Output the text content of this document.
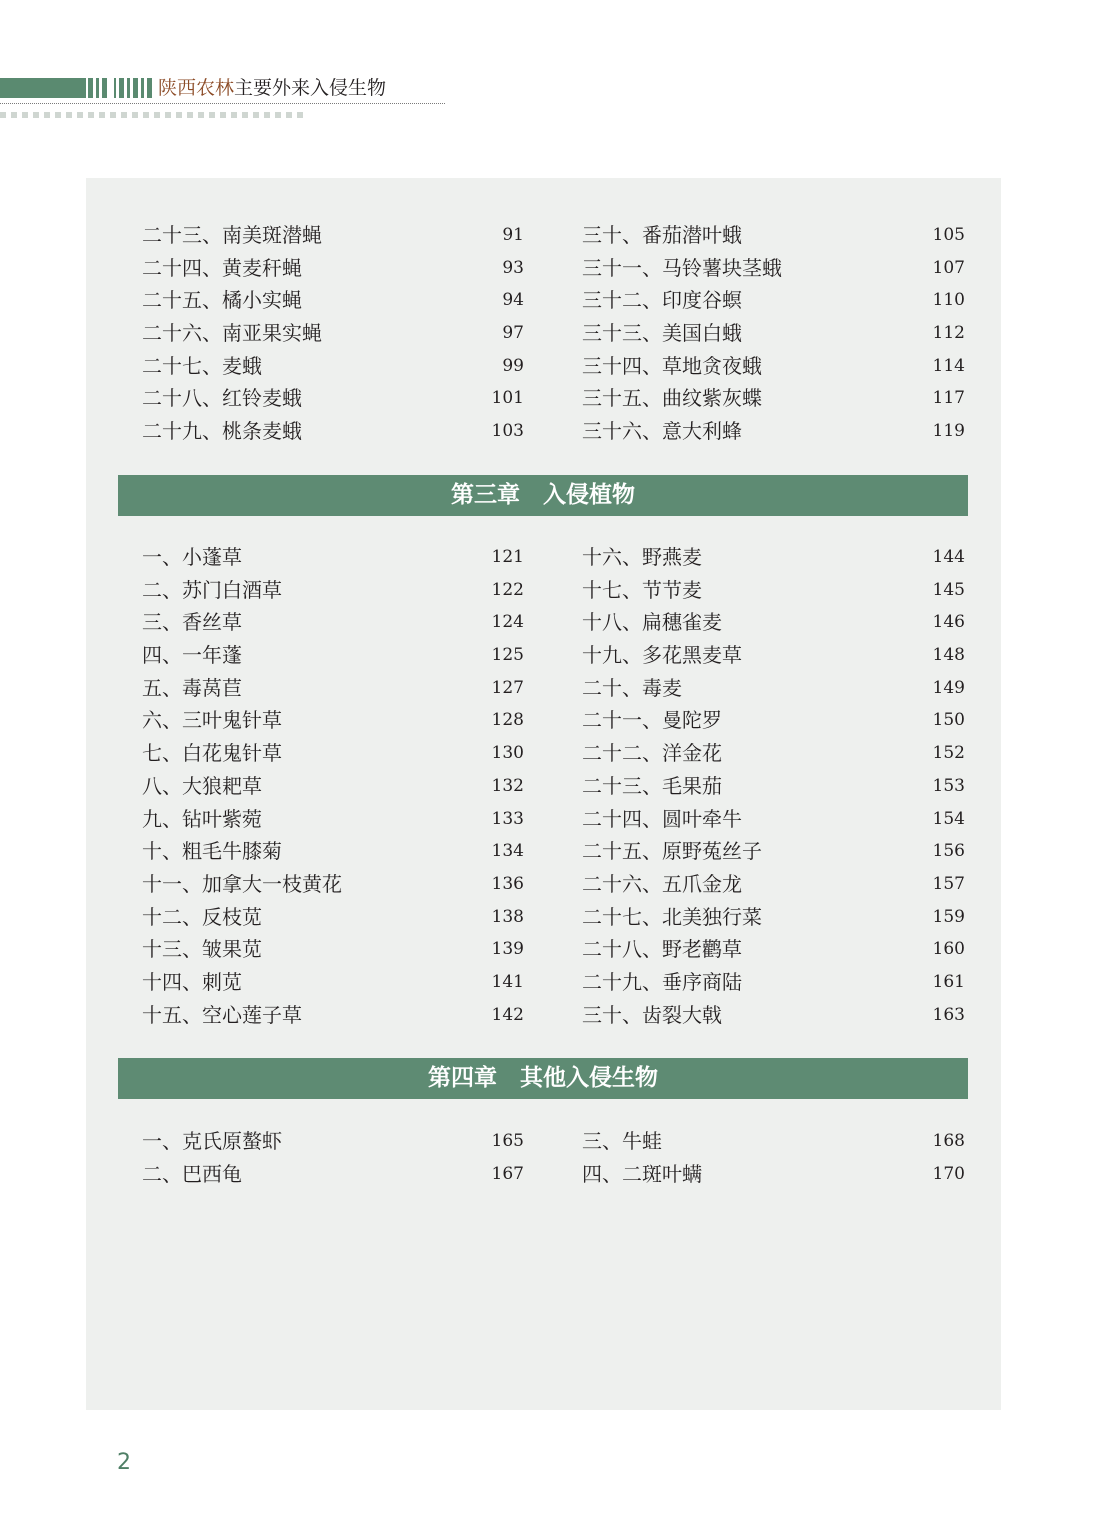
陕西农林主要外来入侵生物
二十三、南美斑潜蝇	91
二十四、黄麦秆蝇	93
二十五、橘小实蝇	94
二十六、南亚果实蝇	97
二十七、麦蛾	99
二十八、红铃麦蛾	101
二十九、桃条麦蛾	103
三十、番茄潜叶蛾	105
三十一、马铃薯块茎蛾	107
三十二、印度谷螟	110
三十三、美国白蛾	112
三十四、草地贪夜蛾	114
三十五、曲纹紫灰蝶	117
三十六、意大利蜂	119
第三章　入侵植物
一、小蓬草	121
二、苏门白酒草	122
三、香丝草	124
四、一年蓬	125
五、毒莴苣	127
六、三叶鬼针草	128
七、白花鬼针草	130
八、大狼耙草	132
九、钻叶紫菀	133
十、粗毛牛膝菊	134
十一、加拿大一枝黄花	136
十二、反枝苋	138
十三、皱果苋	139
十四、刺苋	141
十五、空心莲子草	142
十六、野燕麦	144
十七、节节麦	145
十八、扁穗雀麦	146
十九、多花黑麦草	148
二十、毒麦	149
二十一、曼陀罗	150
二十二、洋金花	152
二十三、毛果茄	153
二十四、圆叶牵牛	154
二十五、原野菟丝子	156
二十六、五爪金龙	157
二十七、北美独行菜	159
二十八、野老鹳草	160
二十九、垂序商陆	161
三十、齿裂大戟	163
第四章　其他入侵生物
一、克氏原螯虾	165
二、巴西龟	167
三、牛蛙	168
四、二斑叶螨	170
2
